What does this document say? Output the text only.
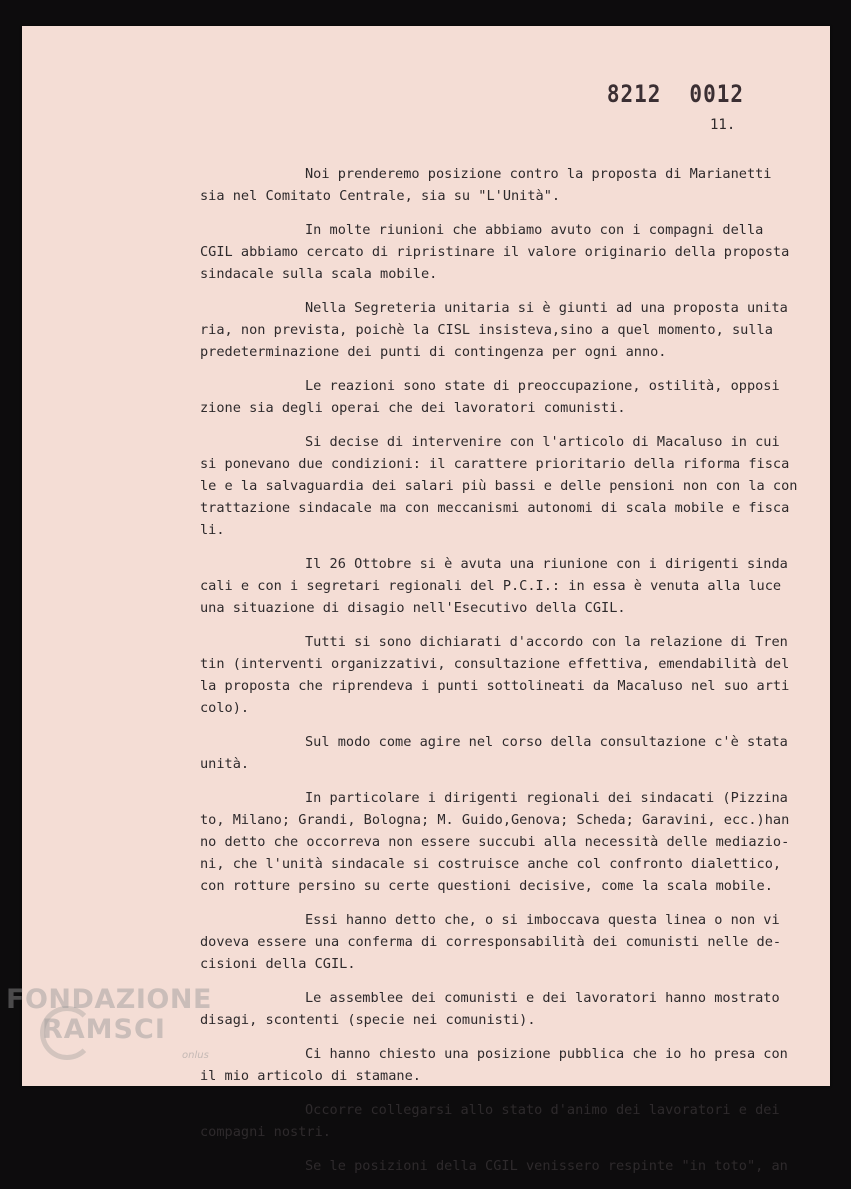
8212 0012
11.

Noi prenderemo posizione contro la proposta di Marianetti
sia nel Comitato Centrale, sia su "L'Unità".
In molte riunioni che abbiamo avuto con i compagni della
CGIL abbiamo cercato di ripristinare il valore originario della proposta
sindacale sulla scala mobile.
Nella Segreteria unitaria si è giunti ad una proposta unita
ria, non prevista, poichè la CISL insisteva,sino a quel momento, sulla
predeterminazione dei punti di contingenza per ogni anno.
Le reazioni sono state di preoccupazione, ostilità, opposi
zione sia degli operai che dei lavoratori comunisti.
Si decise di intervenire con l'articolo di Macaluso in cui
si ponevano due condizioni: il carattere prioritario della riforma fisca
le e la salvaguardia dei salari più bassi e delle pensioni non con la con
trattazione sindacale ma con meccanismi autonomi di scala mobile e fisca
li.
Il 26 Ottobre si è avuta una riunione con i dirigenti sinda
cali e con i segretari regionali del P.C.I.: in essa è venuta alla luce
una situazione di disagio nell'Esecutivo della CGIL.
Tutti si sono dichiarati d'accordo con la relazione di Tren
tin (interventi organizzativi, consultazione effettiva, emendabilità del
la proposta che riprendeva i punti sottolineati da Macaluso nel suo arti
colo).
Sul modo come agire nel corso della consultazione c'è stata
unità.
In particolare i dirigenti regionali dei sindacati (Pizzina
to, Milano; Grandi, Bologna; M. Guido,Genova; Scheda; Garavini, ecc.)han
no detto che occorreva non essere succubi alla necessità delle mediazio-
ni, che l'unità sindacale si costruisce anche col confronto dialettico,
con rotture persino su certe questioni decisive, come la scala mobile.
Essi hanno detto che, o si imboccava questa linea o non vi
doveva essere una conferma di corresponsabilità dei comunisti nelle de-
cisioni della CGIL.
Le assemblee dei comunisti e dei lavoratori hanno mostrato
disagi, scontenti (specie nei comunisti).
Ci hanno chiesto una posizione pubblica che io ho presa con
il mio articolo di stamane.
Occorre collegarsi allo stato d'animo dei lavoratori e dei
compagni nostri.
Se le posizioni della CGIL venissero respinte "in toto", an
FONDAZIONE
RAMSCI
onlus
